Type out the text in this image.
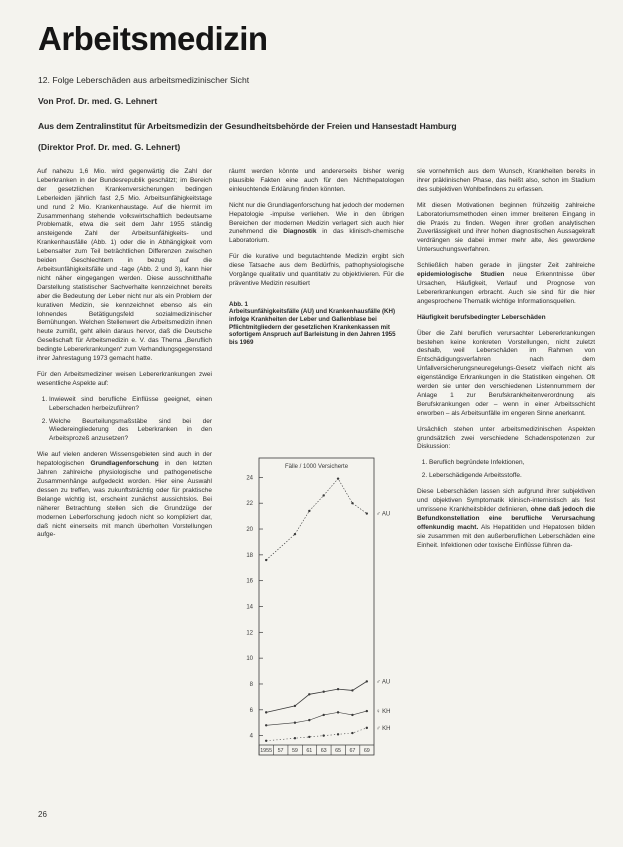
Arbeitsmedizin

12. Folge Leberschäden aus arbeitsmedizinischer Sicht

Von Prof. Dr. med. G. Lehnert

Aus dem Zentralinstitut für Arbeitsmedizin der Gesundheitsbehörde der Freien und Hansestadt Hamburg

(Direktor Prof. Dr. med. G. Lehnert)

Auf nahezu 1,6 Mio. wird gegenwärtig die Zahl der Leberkranken in der Bundesrepublik geschätzt; im Bereich der gesetzlichen Krankenversicherungen bedingen Leberleiden jährlich fast 2,5 Mio. Arbeitsunfähigkeitstage und rund 2 Mio. Krankenhaustage. Auf die hiermit im Zusammenhang stehende volkswirtschaftlich bedeutsame Problematik, etwa die seit dem Jahr 1955 ständig ansteigende Zahl der Arbeitsunfähigkeits- und Krankenhausfälle (Abb. 1) oder die in Abhängigkeit vom Lebensalter zum Teil beträchtlichen Differenzen zwischen beiden Geschlechtern in bezug auf die Arbeitsunfähigkeitsfälle und -tage (Abb. 2 und 3), kann hier nicht näher eingegangen werden. Diese ausschnitthafte Darstellung statistischer Sachverhalte kennzeichnet bereits aber die Bedeutung der Leber nicht nur als ein Problem der kurativen Medizin, sie kennzeichnet ebenso als ein lohnendes Betätigungsfeld sozialmedizinischer Bemühungen. Welchen Stellenwert die Arbeitsmedizin ihnen heute zumißt, geht allein daraus hervor, daß die Deutsche Gesellschaft für Arbeitsmedizin e. V. das Thema „Beruflich bedingte Lebererkrankungen“ zum Verhandlungsgegenstand ihrer Jahrestagung 1973 gemacht hatte.

Für den Arbeitsmediziner weisen Lebererkrankungen zwei wesentliche Aspekte auf:

1. Inwieweit sind berufliche Einflüsse geeignet, einen Leberschaden herbeizuführen?
2. Welche Beurteilungsmaßstäbe sind bei der Wiedereingliederung des Leberkranken in den Arbeitsprozeß anzusetzen?

Wie auf vielen anderen Wissensgebieten sind auch in der hepatologischen Grundlagenforschung in den letzten Jahren zahlreiche physiologische und pathogenetische Zusammenhänge aufgedeckt worden. Hier eine Auswahl dessen zu treffen, was zukunftsträchtig oder für praktische Belange wichtig ist, erscheint zunächst aussichtslos. Bei näherer Betrachtung stellen sich die Grundzüge der modernen Leberforschung jedoch nicht so kompliziert dar, daß nicht einerseits mit manch überholten Vorstellungen aufge-

räumt werden könnte und andererseits bisher wenig plausible Fakten eine auch für den Nichthepatologen einleuchtende Erklärung finden könnten.

Nicht nur die Grundlagenforschung hat jedoch der modernen Hepatologie -impulse verliehen. Wie in den übrigen Bereichen der modernen Medizin verlagert sich auch hier zunehmend die Diagnostik in das klinisch-chemische Laboratorium.

Für die kurative und begutachtende Medizin ergibt sich diese Tatsache aus dem Bedürfnis, pathophysiologische Vorgänge qualitativ und quantitativ zu objektivieren. Für die präventive Medizin resultiert

Abb. 1
Arbeitsunfähigkeitsfälle (AU) und Krankenhausfälle (KH) infolge Krankheiten der Leber und Gallenblase bei Pflichtmitgliedern der gesetzlichen Krankenkassen mit sofortigem Anspruch auf Barleistung in den Jahren 1955 bis 1969

4
6
8
10
12
14
16
18
20
22
24
1955 57 59 61 63 65 67 69
Fälle / 1000 Versicherte
♂ AU
♂ AU
♀ KH
♂ KH

sie vornehmlich aus dem Wunsch, Krankheiten bereits in ihrer präklinischen Phase, das heißt also, schon im Stadium des subjektiven Wohlbefindens zu erfassen.

Mit diesen Motivationen beginnen frühzeitig zahlreiche Laboratoriumsmethoden einen immer breiteren Eingang in die Praxis zu finden. Wegen ihrer großen analytischen Zuverlässigkeit und ihrer hohen diagnostischen Aussagekraft verdrängen sie dabei immer mehr alte, lies gewordene Untersuchungsverfahren.

Schließlich haben gerade in jüngster Zeit zahlreiche epidemiologische Studien neue Erkenntnisse über Ursachen, Häufigkeit, Verlauf und Prognose von Lebererkrankungen erbracht. Auch sie sind für die hier angesprochene Thematik wichtige Informationsquellen.

Häufigkeit berufsbedingter Leberschäden

Über die Zahl beruflich verursachter Lebererkrankungen bestehen keine konkreten Vorstellungen, nicht zuletzt deshalb, weil Leberschäden im Rahmen von Entschädigungsverfahren nach dem Unfallversicherungsneuregelungs-Gesetz vielfach nicht als eigenständige Erkrankungen in die Statistiken eingehen. Oft werden sie unter den verschiedenen Listennummern der Anlage 1 zur Berufskrankheitenverordnung als Berufskrankungen oder – wenn in einer Arbeitsschicht erworben – als Arbeitsunfälle im engeren Sinne anerkannt.

Ursächlich stehen unter arbeitsmedizinischen Aspekten grundsätzlich zwei verschiedene Schadenspotenzen zur Diskussion:

1. Beruflich begründete Infektionen,
2. Leberschädigende Arbeitsstoffe.

Diese Leberschäden lassen sich aufgrund ihrer subjektiven und objektiven Symptomatik klinisch-internistisch als fest umrissene Krankheitsbilder definieren, ohne daß jedoch die Befundkonstellation eine berufliche Verursachung offenkundig macht. Als Hepatitiden und Hepatosen bilden sie zusammen mit den außerberuflichen Leberschäden eine Einheit. Infektionen oder toxische Einflüsse führen da-

26
